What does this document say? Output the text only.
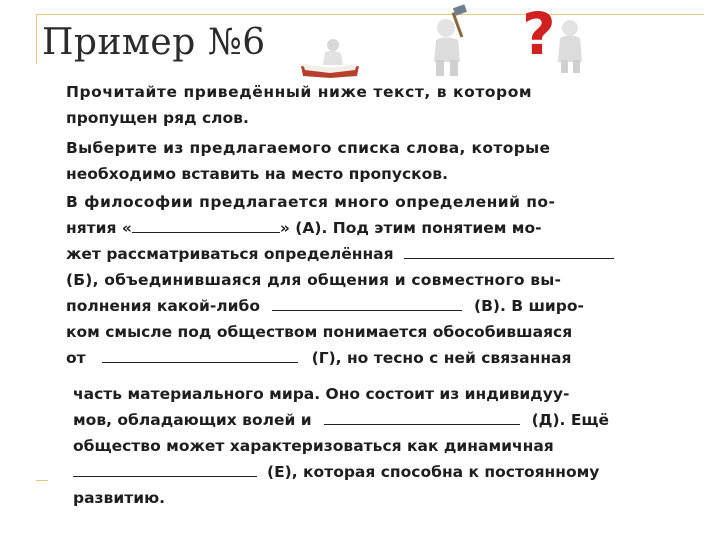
Пример №6	?
Прочитайте приведённый ниже текст, в котором
пропущен ряд слов.
Выберите из предлагаемого списка слова, которые
необходимо вставить на место пропусков.
В философии предлагается много определений по-
нятия «	» (А). Под этим понятием мо-
жет рассматриваться определённая
(Б), объединившаяся для общения и совместного вы-
полнения какой-либо	(В). В широ-
ком смысле под обществом понимается обособившаяся
от	(Г), но тесно с ней связанная
часть материального мира. Оно состоит из индивидуу-
мов, обладающих волей и	(Д). Ещё
общество может характеризоваться как динамичная
(Е), которая способна к постоянному
развитию.
